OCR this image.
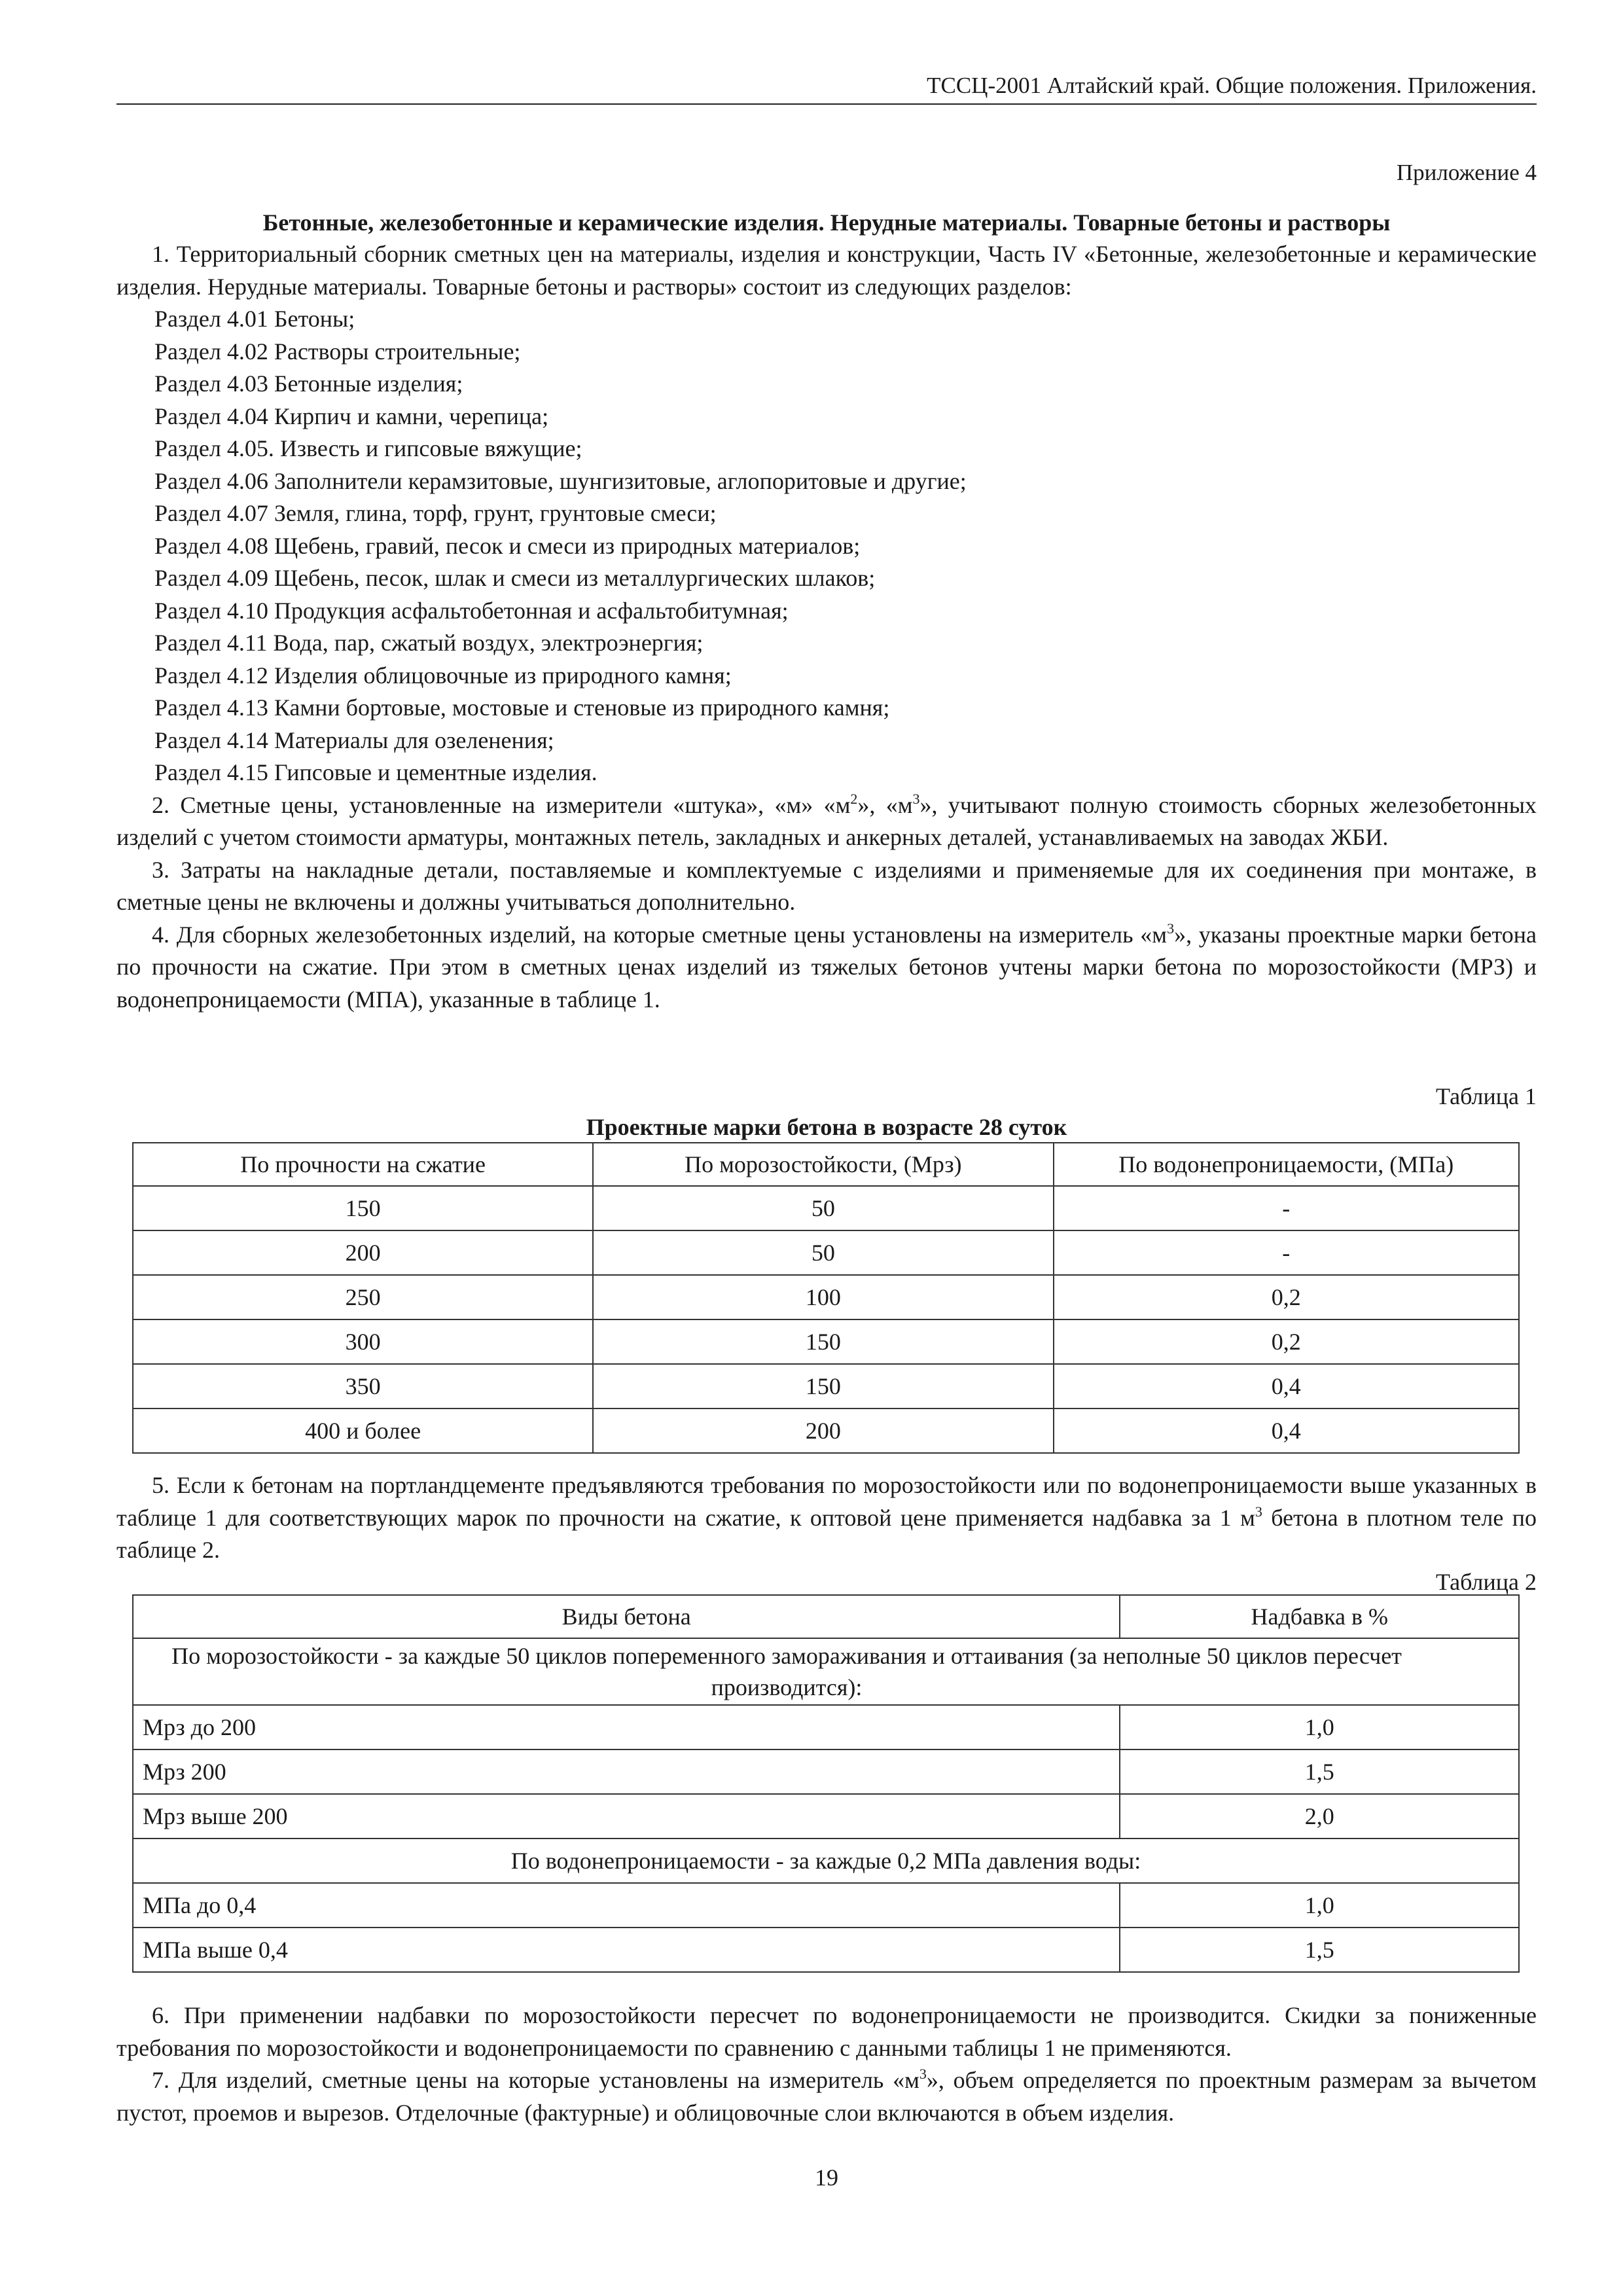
ТССЦ-2001 Алтайский край. Общие положения. Приложения.
Приложение 4
Бетонные, железобетонные и керамические изделия. Нерудные материалы. Товарные бетоны и растворы

1. Территориальный сборник сметных цен на материалы, изделия и конструкции, Часть IV «Бетонные, железобетонные и керамические изделия. Нерудные материалы. Товарные бетоны и растворы» состоит из следующих разделов:

Раздел 4.01 Бетоны;
Раздел 4.02 Растворы строительные;
Раздел 4.03 Бетонные изделия;
Раздел 4.04 Кирпич и камни, черепица;
Раздел 4.05. Известь и гипсовые вяжущие;
Раздел 4.06 Заполнители керамзитовые, шунгизитовые, аглопоритовые и другие;
Раздел 4.07 Земля, глина, торф, грунт, грунтовые смеси;
Раздел 4.08 Щебень, гравий, песок и смеси из природных материалов;
Раздел 4.09 Щебень, песок, шлак и смеси из металлургических шлаков;
Раздел 4.10 Продукция асфальтобетонная и асфальтобитумная;
Раздел 4.11 Вода, пар, сжатый воздух, электроэнергия;
Раздел 4.12 Изделия облицовочные из природного камня;
Раздел 4.13 Камни бортовые, мостовые и стеновые из природного камня;
Раздел 4.14 Материалы для озеленения;
Раздел 4.15 Гипсовые и цементные изделия.

2. Сметные цены, установленные на измерители «штука», «м» «$м^2$», «$м^3$», учитывают полную стоимость сборных железобетонных изделий с учетом стоимости арматуры, монтажных петель, закладных и анкерных деталей, устанавливаемых на заводах ЖБИ.

3. Затраты на накладные детали, поставляемые и комплектуемые с изделиями и применяемые для их соединения при монтаже, в сметные цены не включены и должны учитываться дополнительно.

4. Для сборных железобетонных изделий, на которые сметные цены установлены на измеритель «$м^3$», указаны проектные марки бетона по прочности на сжатие. При этом в сметных ценах изделий из тяжелых бетонов учтены марки бетона по морозостойкости (МРЗ) и водонепроницаемости (МПА), указанные в таблице 1.

Таблица 1
Проектные марки бетона в возрасте 28 суток
По прочности на сжатие	По морозостойкости, (Мрз)	По водонепроницаемости, (МПа)
150	50	-
200	50	-
250	100	0,2
300	150	0,2
350	150	0,4
400 и более	200	0,4

5. Если к бетонам на портландцементе предъявляются требования по морозостойкости или по водонепроницаемости выше указанных в таблице 1 для соответствующих марок по прочности на сжатие, к оптовой цене применяется надбавка за 1 $м^3$ бетона в плотном теле по таблице 2.

Таблица 2
Виды бетона	Надбавка в %
По морозостойкости - за каждые 50 циклов попеременного замораживания и оттаивания (за неполные 50 циклов пересчет производится):	
Мрз до 200	1,0
Мрз 200	1,5
Мрз выше 200	2,0
По водонепроницаемости - за каждые 0,2 МПа давления воды:	
МПа до 0,4	1,0
МПа выше 0,4	1,5

6. При применении надбавки по морозостойкости пересчет по водонепроницаемости не производится. Скидки за пониженные требования по морозостойкости и водонепроницаемости по сравнению с данными таблицы 1 не применяются.

7. Для изделий, сметные цены на которые установлены на измеритель «$м^3$», объем определяется по проектным размерам за вычетом пустот, проемов и вырезов. Отделочные (фактурные) и облицовочные слои включаются в объем изделия.

19
